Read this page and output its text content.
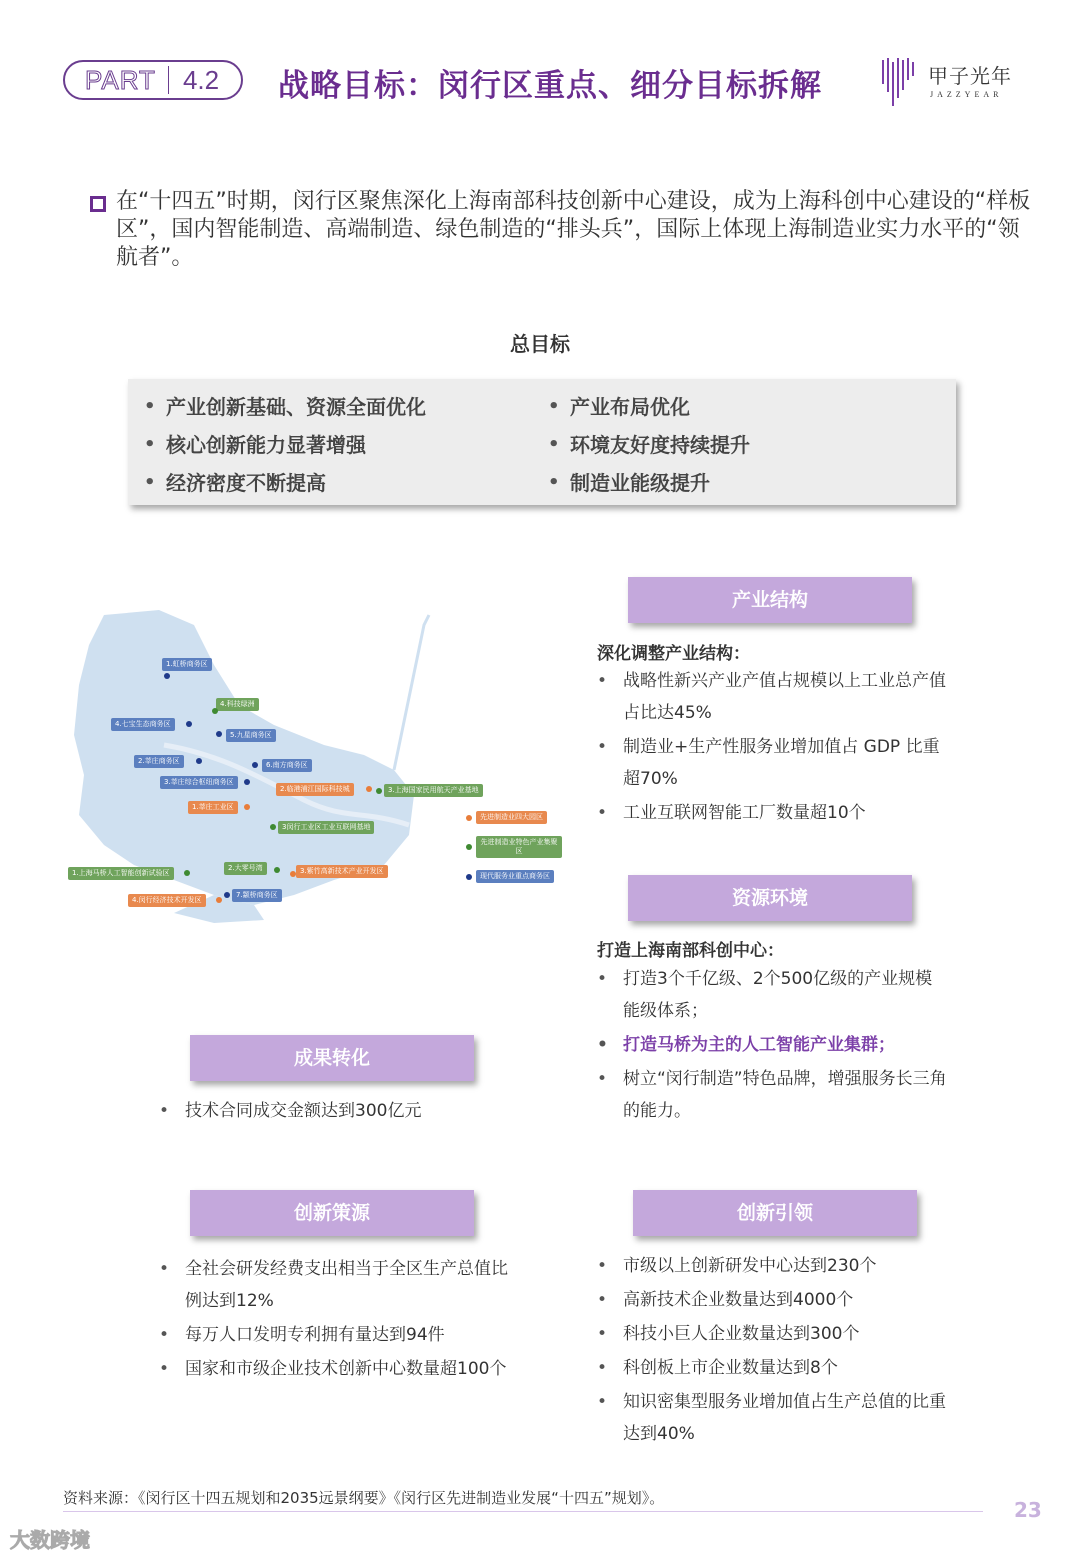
PART 4.2 战略目标：闵行区重点、细分目标拆解	甲子光年
JAZZYEAR

在“十四五”时期，闵行区聚焦深化上海南部科技创新中心建设，成为上海科创中心建设的“样板区”，国内智能制造、高端制造、绿色制造的“排头兵”，国际上体现上海制造业实力水平的“领航者”。

总目标
• 产业创新基础、资源全面优化
• 核心创新能力显著增强
• 经济密度不断提高
• 产业布局优化
• 环境友好度持续提升
• 制造业能级提升
1.虹桥商务区
4.科技绿洲
4.七宝生态商务区
5.九星商务区
2.莘庄商务区	6.南方商务区
3.莘庄综合枢纽商务区
2.临港浦江国际科技城	3.上海国家民用航天产业基地
1.莘庄工业区
3闵行工业区工业互联网基地
1.上海马桥人工智能创新试验区
2.大零号湾	3.紫竹高新技术产业开发区
4.闵行经济技术开发区
7.颛桥商务区
先进制造业四大园区
先进制造业特色产业集聚区
现代服务业重点商务区
产业结构
深化调整产业结构：
• 战略性新兴产业产值占规模以上工业总产值占比达45%
• 制造业+生产性服务业增加值占 GDP 比重超70%
• 工业互联网智能工厂数量超10个
资源环境
打造上海南部科创中心：
• 打造3个千亿级、2个500亿级的产业规模能级体系；
• 打造马桥为主的人工智能产业集群；
• 树立“闵行制造”特色品牌，增强服务长三角的能力。
成果转化
• 技术合同成交金额达到300亿元
创新策源
• 全社会研发经费支出相当于全区生产总值比例达到12%
• 每万人口发明专利拥有量达到94件
• 国家和市级企业技术创新中心数量超100个
创新引领
• 市级以上创新研发中心达到230个
• 高新技术企业数量达到4000个
• 科技小巨人企业数量达到300个
• 科创板上市企业数量达到8个
• 知识密集型服务业增加值占生产总值的比重达到40%
资料来源：《闵行区十四五规划和2035远景纲要》《闵行区先进制造业发展“十四五”规划》。	23
大数跨境
